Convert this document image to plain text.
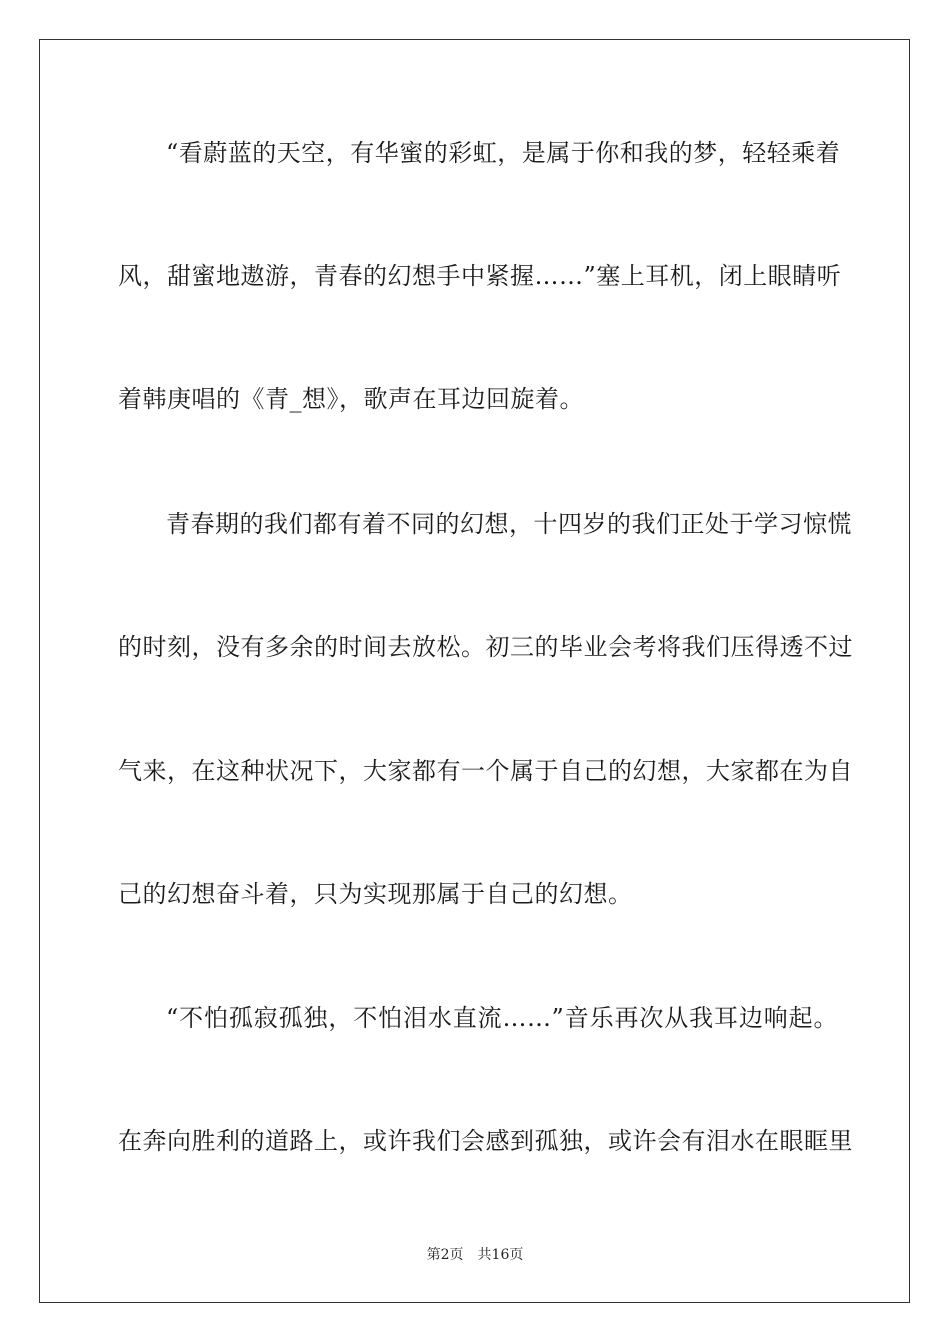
“看蔚蓝的天空，有华蜜的彩虹，是属于你和我的梦，轻轻乘着
风，甜蜜地遨游，青春的幻想手中紧握……”塞上耳机，闭上眼睛听
着韩庚唱的《青_想》，歌声在耳边回旋着。
青春期的我们都有着不同的幻想，十四岁的我们正处于学习惊慌
的时刻，没有多余的时间去放松。初三的毕业会考将我们压得透不过
气来，在这种状况下，大家都有一个属于自己的幻想，大家都在为自
己的幻想奋斗着，只为实现那属于自己的幻想。
“不怕孤寂孤独，不怕泪水直流……”音乐再次从我耳边响起。
在奔向胜利的道路上，或许我们会感到孤独，或许会有泪水在眼眶里
第2页 共16页
